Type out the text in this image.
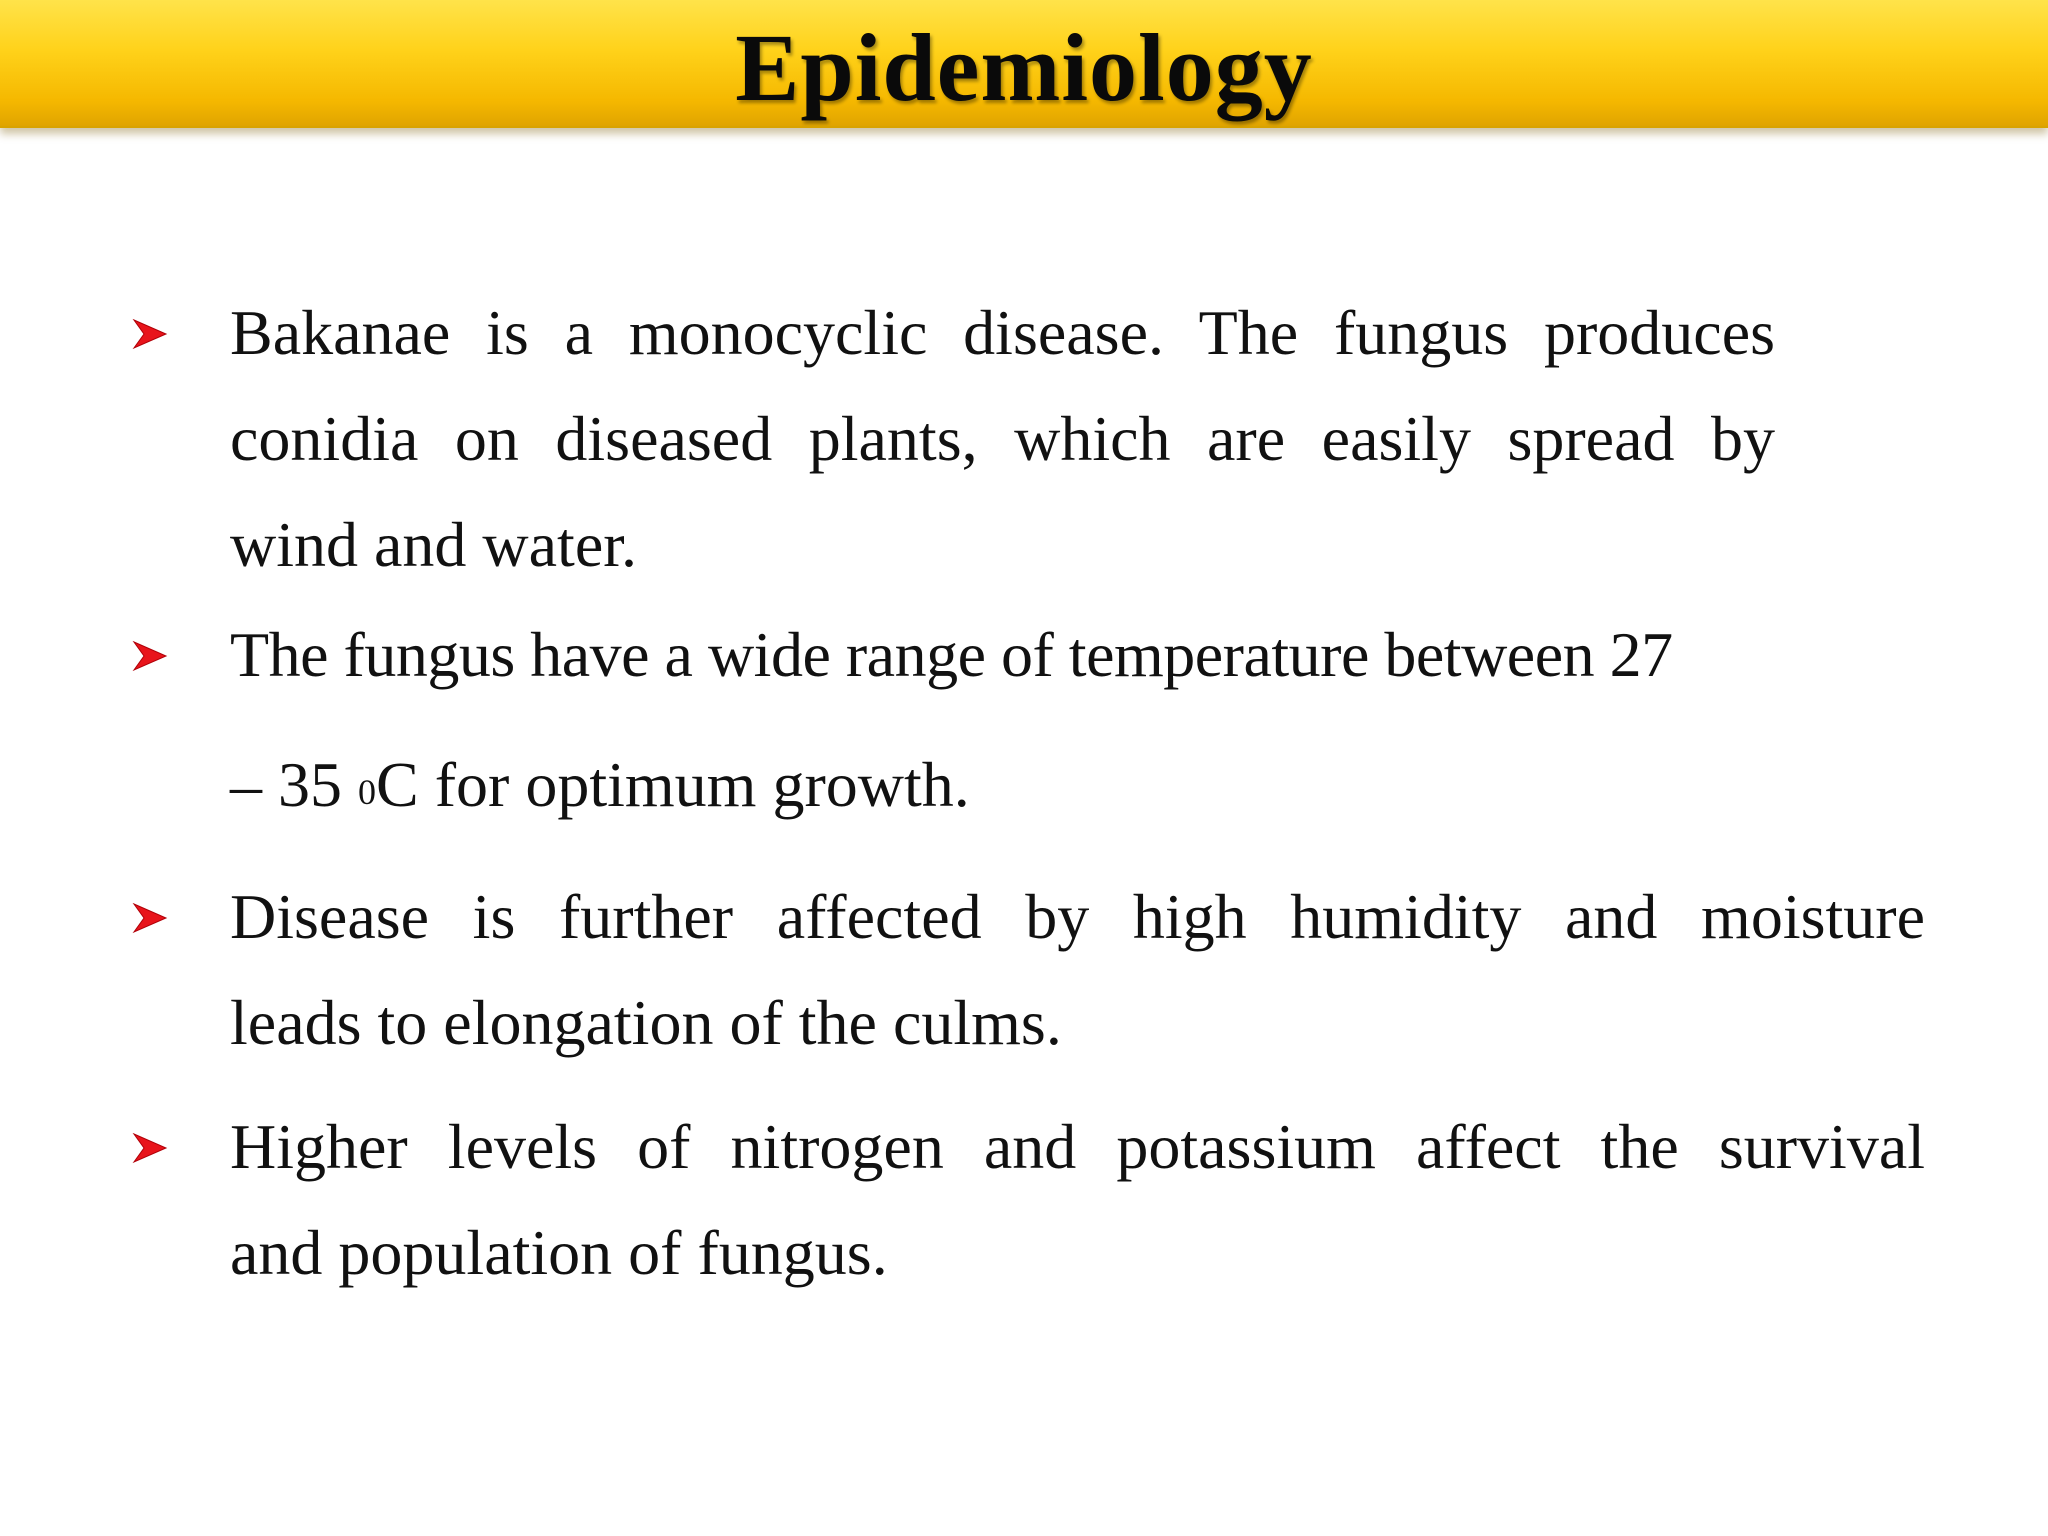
Epidemiology
Bakanae is a monocyclic disease. The fungus produces
conidia on diseased plants, which are easily spread by
wind and water.
The fungus have a wide range of temperature between 27
– 35 $^0$C for optimum growth.
Disease is further affected by high humidity and moisture
leads to elongation of the culms.
Higher levels of nitrogen and potassium affect the survival
and population of fungus.
